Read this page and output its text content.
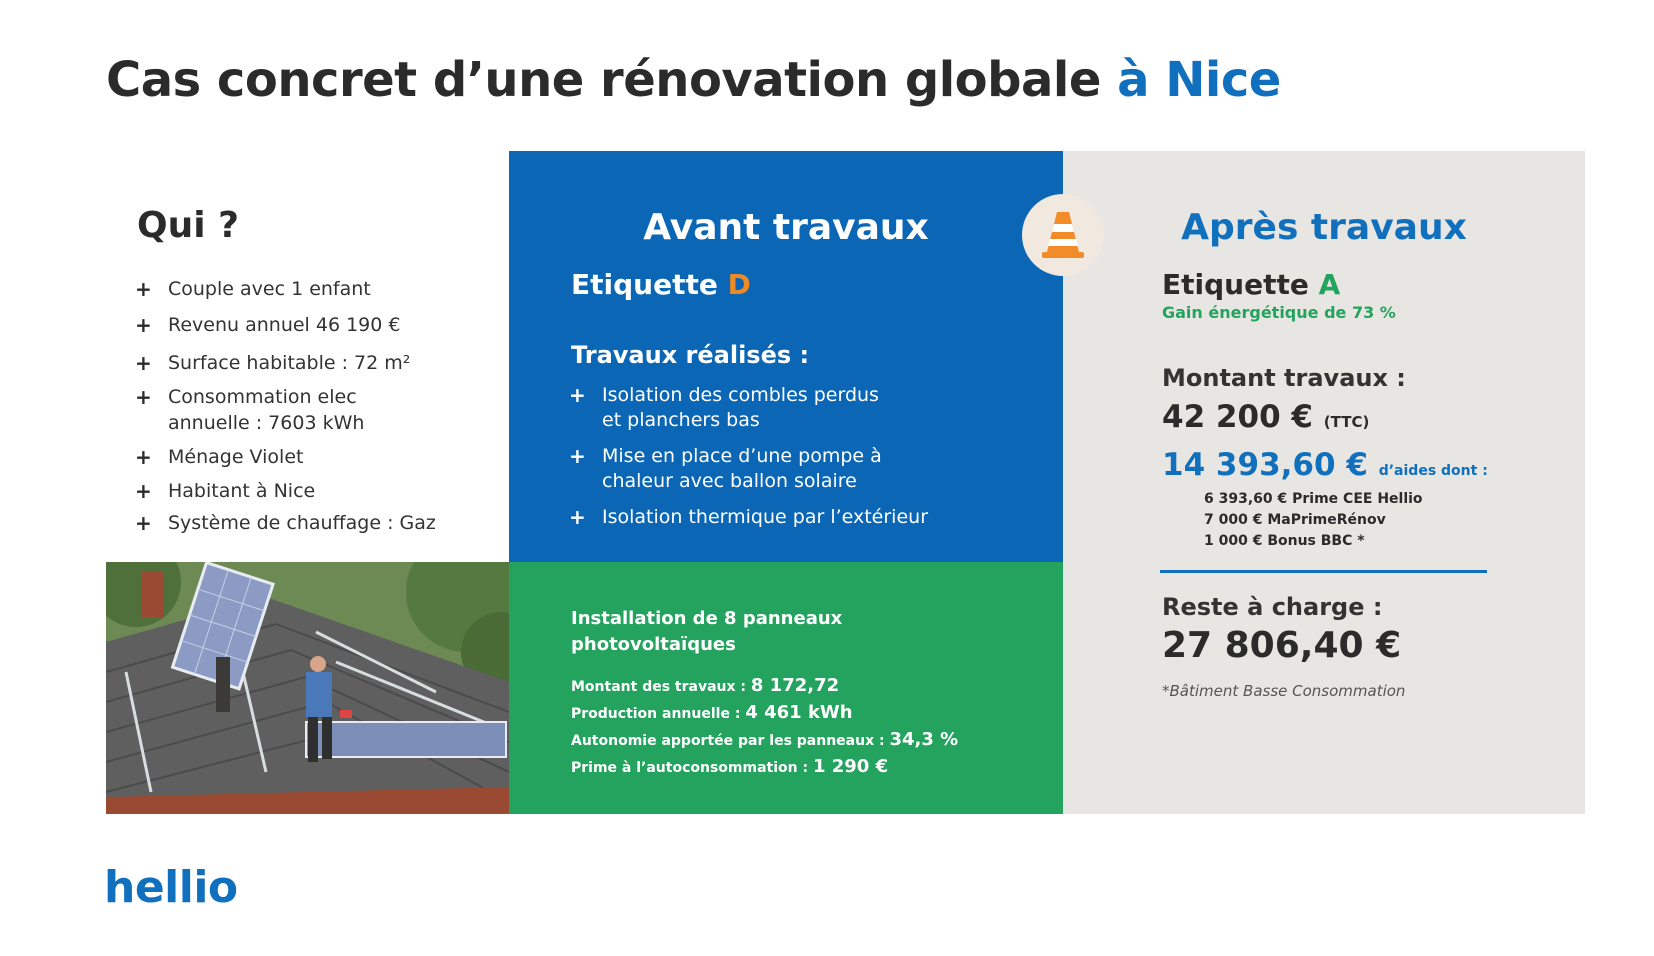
Cas concret d’une rénovation globale à Nice
Qui ?
+ Couple avec 1 enfant
+ Revenu annuel 46 190 €
+ Surface habitable : 72 m²
+ Consommation elec annuelle : 7603 kWh
+ Ménage Violet
+ Habitant à Nice
+ Système de chauffage : Gaz
Avant travaux
Etiquette D
Travaux réalisés :
+ Isolation des combles perdus et planchers bas
+ Mise en place d’une pompe à chaleur avec ballon solaire
+ Isolation thermique par l’extérieur
Installation de 8 panneaux photovoltaïques
Montant des travaux : 8 172,72
Production annuelle : 4 461 kWh
Autonomie apportée par les panneaux : 34,3 %
Prime à l’autoconsommation : 1 290 €
Après travaux
Etiquette A
Gain énergétique de 73 %
Montant travaux :
42 200 € (TTC)
14 393,60 € d’aides dont :
6 393,60 € Prime CEE Hellio
7 000 € MaPrimeRénov
1 000 € Bonus BBC *
Reste à charge :
27 806,40 €
*Bâtiment Basse Consommation
hellio
